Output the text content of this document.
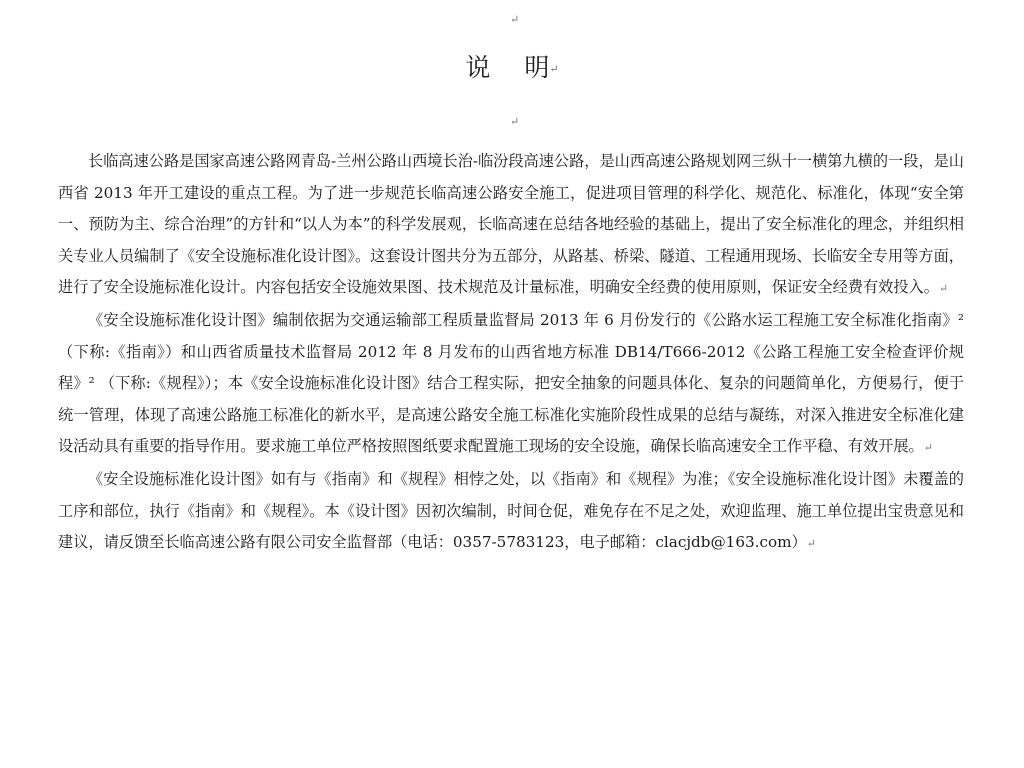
↵
说 明↵
↵

长临高速公路是国家高速公路网青岛-兰州公路山西境长治-临汾段高速公路，是山西高速公路规划网三纵十一横第九横的一段，是山西省 2013 年开工建设的重点工程。为了进一步规范长临高速公路安全施工，促进项目管理的科学化、规范化、标准化，体现“安全第一、预防为主、综合治理”的方针和“以人为本”的科学发展观，长临高速在总结各地经验的基础上，提出了安全标准化的理念，并组织相关专业人员编制了《安全设施标准化设计图》。这套设计图共分为五部分，从路基、桥梁、隧道、工程通用现场、长临安全专用等方面，进行了安全设施标准化设计。内容包括安全设施效果图、技术规范及计量标准，明确安全经费的使用原则，保证安全经费有效投入。↵

《安全设施标准化设计图》编制依据为交通运输部工程质量监督局 2013 年 6 月份发行的《公路水运工程施工安全标准化指南》² （下称:《指南》）和山西省质量技术监督局 2012 年 8 月发布的山西省地方标准 DB14/T666-2012《公路工程施工安全检查评价规程》² （下称:《规程》）；本《安全设施标准化设计图》结合工程实际，把安全抽象的问题具体化、复杂的问题简单化，方便易行，便于统一管理，体现了高速公路施工标准化的新水平，是高速公路安全施工标准化实施阶段性成果的总结与凝练，对深入推进安全标准化建设活动具有重要的指导作用。要求施工单位严格按照图纸要求配置施工现场的安全设施，确保长临高速安全工作平稳、有效开展。↵

《安全设施标准化设计图》如有与《指南》和《规程》相悖之处，以《指南》和《规程》为准；《安全设施标准化设计图》未覆盖的工序和部位，执行《指南》和《规程》。本《设计图》因初次编制，时间仓促，难免存在不足之处，欢迎监理、施工单位提出宝贵意见和建议，请反馈至长临高速公路有限公司安全监督部（电话：0357-5783123，电子邮箱：clacjdb@163.com）↵
